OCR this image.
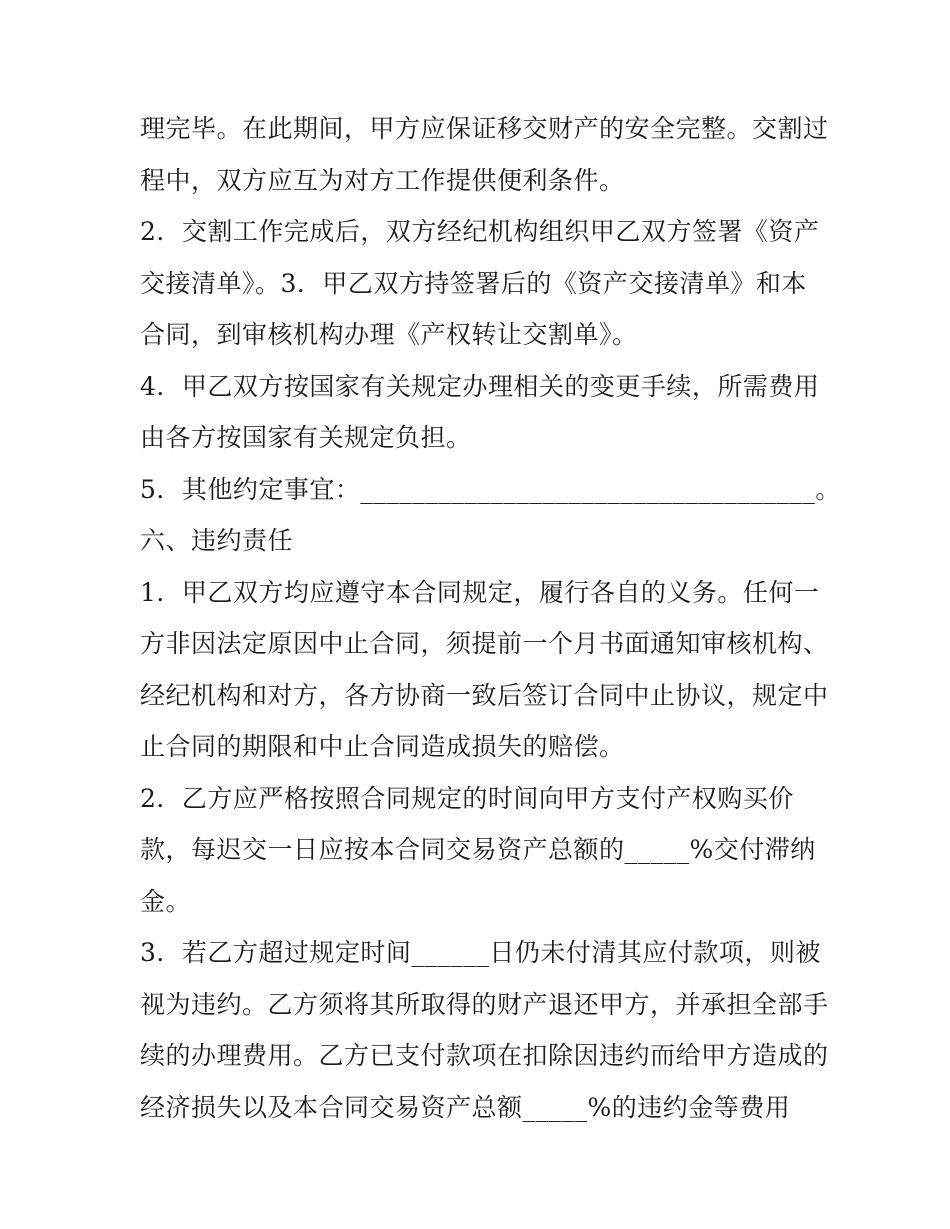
理完毕。在此期间，甲方应保证移交财产的安全完整。交割过
程中，双方应互为对方工作提供便利条件。
2．交割工作完成后，双方经纪机构组织甲乙双方签署《资产
交接清单》。3．甲乙双方持签署后的《资产交接清单》和本
合同，到审核机构办理《产权转让交割单》。
4．甲乙双方按国家有关规定办理相关的变更手续，所需费用
由各方按国家有关规定负担。
5．其他约定事宜：___________________________________。
六、违约责任
1．甲乙双方均应遵守本合同规定，履行各自的义务。任何一
方非因法定原因中止合同，须提前一个月书面通知审核机构、
经纪机构和对方，各方协商一致后签订合同中止协议，规定中
止合同的期限和中止合同造成损失的赔偿。
2．乙方应严格按照合同规定的时间向甲方支付产权购买价
款，每迟交一日应按本合同交易资产总额的_____%交付滞纳
金。
3．若乙方超过规定时间______日仍未付清其应付款项，则被
视为违约。乙方须将其所取得的财产退还甲方，并承担全部手
续的办理费用。乙方已支付款项在扣除因违约而给甲方造成的
经济损失以及本合同交易资产总额_____%的违约金等费用
